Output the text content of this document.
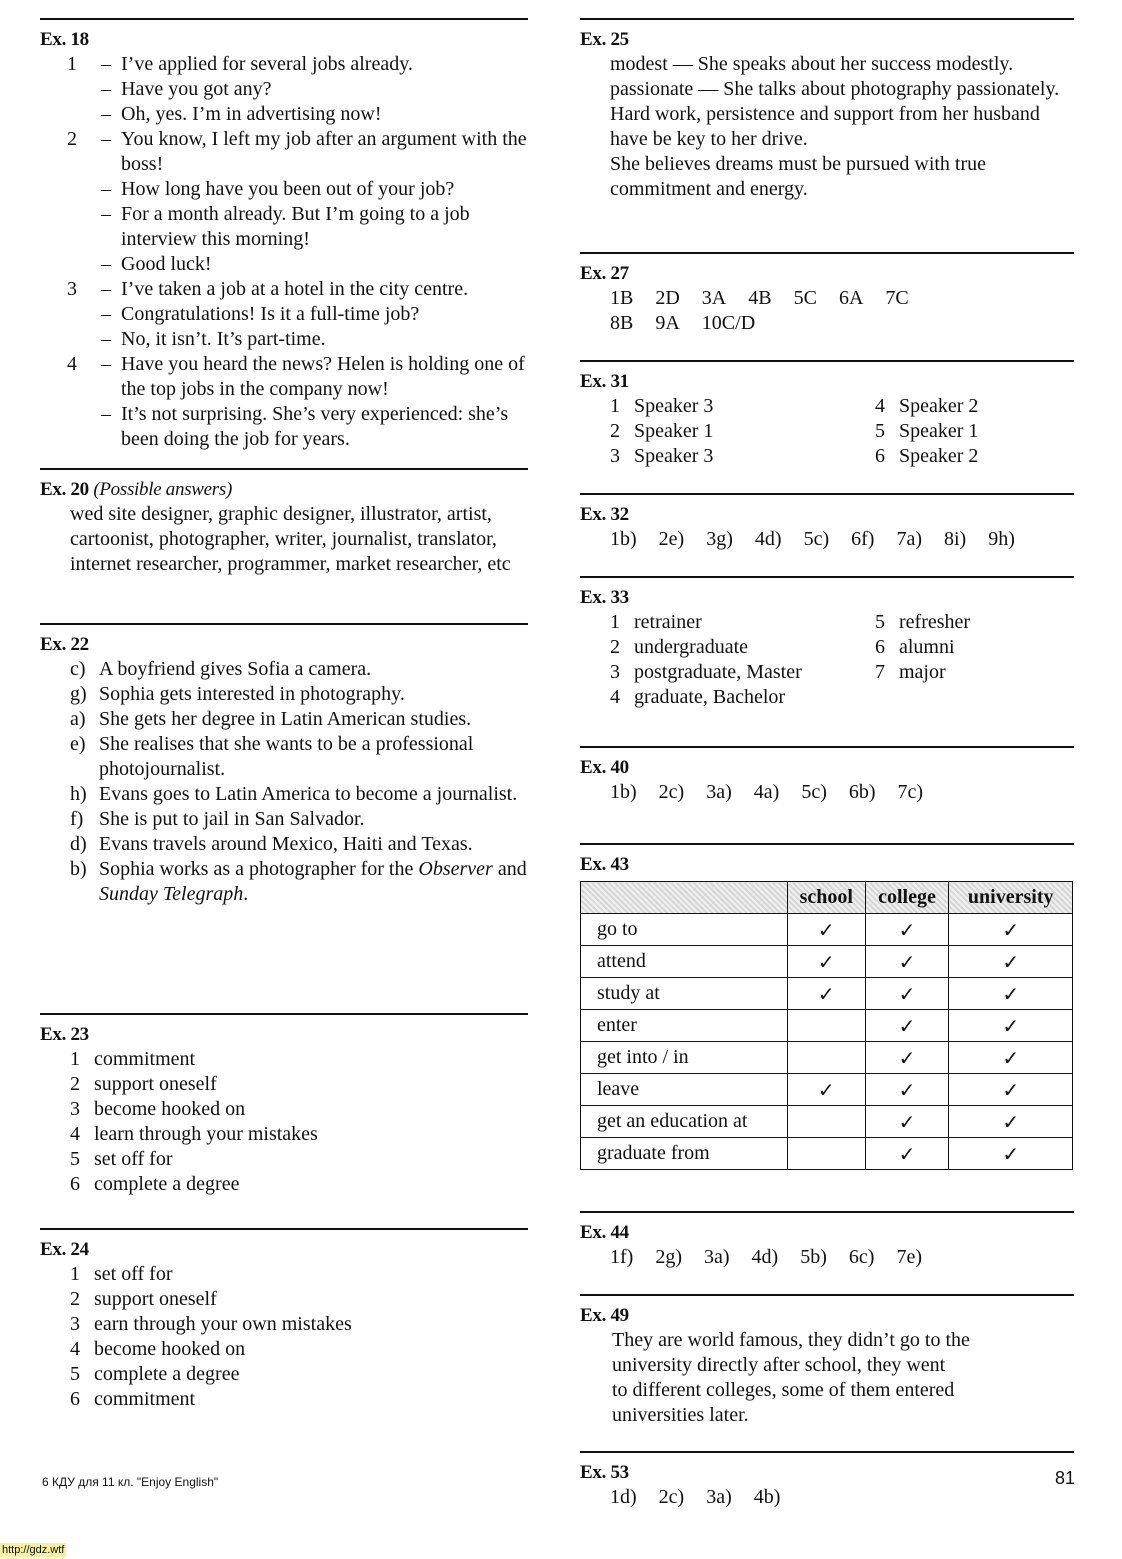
Ex. 18
1	– I’ve applied for several jobs already.
– Have you got any?
– Oh, yes. I’m in advertising now!
2	– You know, I left my job after an argument with the boss!
– How long have you been out of your job?
– For a month already. But I’m going to a job interview this morning!
– Good luck!
3	– I’ve taken a job at a hotel in the city centre.
– Congratulations! Is it a full-time job?
– No, it isn’t. It’s part-time.
4	– Have you heard the news? Helen is holding one of the top jobs in the company now!
– It’s not surprising. She’s very experienced: she’s been doing the job for years.
Ex. 20 (Possible answers)
wed site designer, graphic designer, illustrator, artist, cartoonist, photographer, writer, journalist, translator, internet researcher, programmer, market researcher, etc
Ex. 22
c) A boyfriend gives Sofia a camera.
g) Sophia gets interested in photography.
a) She gets her degree in Latin American studies.
e) She realises that she wants to be a professional photojournalist.
h) Evans goes to Latin America to become a journalist.
f) She is put to jail in San Salvador.
d) Evans travels around Mexico, Haiti and Texas.
b) Sophia works as a photographer for the Observer and Sunday Telegraph.
Ex. 23
1 commitment
2 support oneself
3 become hooked on
4 learn through your mistakes
5 set off for
6 complete a degree
Ex. 24
1 set off for
2 support oneself
3 earn through your own mistakes
4 become hooked on
5 complete a degree
6 commitment
Ex. 25
modest — She speaks about her success modestly.
passionate — She talks about photography passionately.
Hard work, persistence and support from her husband have be key to her drive.
She believes dreams must be pursued with true commitment and energy.
Ex. 27
1B 2D 3A 4B 5C 6A 7C
8B 9A 10C/D
Ex. 31
1 Speaker 3	4 Speaker 2
2 Speaker 1	5 Speaker 1
3 Speaker 3	6 Speaker 2
Ex. 32
1b) 2e) 3g) 4d) 5c) 6f) 7a) 8i) 9h)
Ex. 33
1 retrainer	5 refresher
2 undergraduate	6 alumni
3 postgraduate, Master	7 major
4 graduate, Bachelor
Ex. 40
1b) 2c) 3a) 4a) 5c) 6b) 7c)
Ex. 43
	school	college	university
go to	✓	✓	✓
attend	✓	✓	✓
study at	✓	✓	✓
enter		✓	✓
get into / in		✓	✓
leave	✓	✓	✓
get an education at		✓	✓
graduate from		✓	✓
Ex. 44
1f) 2g) 3a) 4d) 5b) 6c) 7e)
Ex. 49
They are world famous, they didn’t go to the
university directly after school, they went
to different colleges, some of them entered
universities later.
Ex. 53
1d) 2c) 3a) 4b)
6 КДУ для 11 кл. "Enjoy English"	81
http://gdz.wtf
